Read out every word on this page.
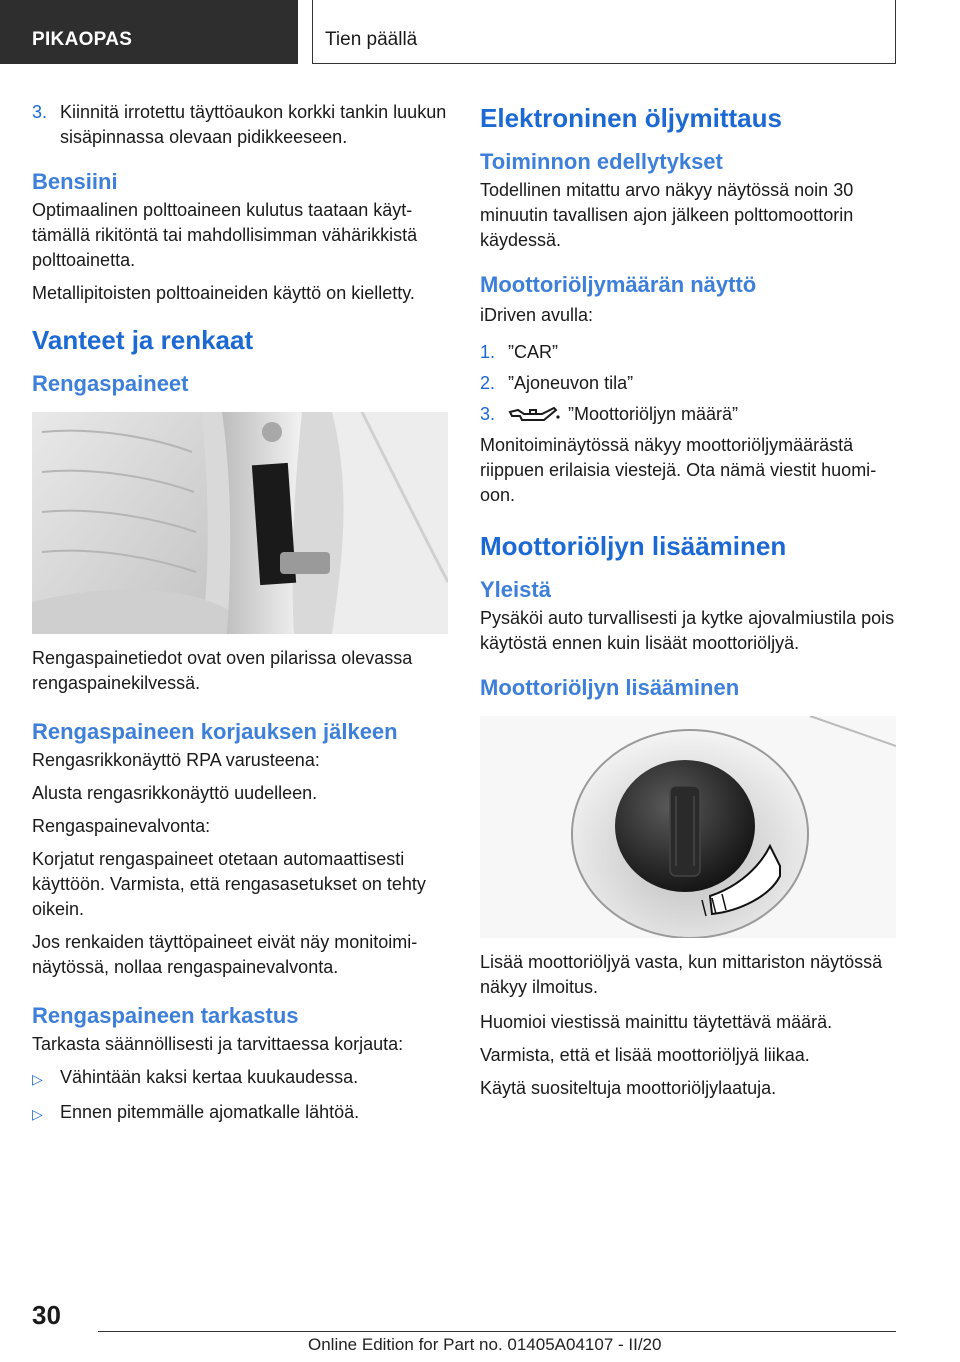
PIKAOPAS	Tien päällä
3. Kiinnitä irrotettu täyttöaukon korkki tankin luukun sisäpinnassa olevaan pidikkeeseen.
Bensiini

Optimaalinen polttoaineen kulutus taataan käyttämällä rikitöntä tai mahdollisimman vähärikkistä polttoainetta.

Metallipitoisten polttoaineiden käyttö on kielletty.

Vanteet ja renkaat
Rengaspaineet

Rengaspainetiedot ovat oven pilarissa olevassa rengaspainekilvessä.

Rengaspaineen korjauksen jälkeen

Rengasrikkonäyttö RPA varusteena:

Alusta rengasrikkonäyttö uudelleen.

Rengaspainevalvonta:

Korjatut rengaspaineet otetaan automaattisesti käyttöön. Varmista, että rengasasetukset on tehty oikein.

Jos renkaiden täyttöpaineet eivät näy monitoiminäytössä, nollaa rengaspainevalvonta.

Rengaspaineen tarkastus

Tarkasta säännöllisesti ja tarvittaessa korjauta:

▷ Vähintään kaksi kertaa kuukaudessa.
▷ Ennen pitemmälle ajomatkalle lähtöä.
Elektroninen öljymittaus
Toiminnon edellytykset

Todellinen mitattu arvo näkyy näytössä noin 30 minuutin tavallisen ajon jälkeen polttomoottorin käydessä.

Moottoriöljymäärän näyttö

iDriven avulla:

1. ”CAR”
2. ”Ajoneuvon tila”
3.	”Moottoriöljyn määrä”

Monitoiminäytössä näkyy moottoriöljymäärästä riippuen erilaisia viestejä. Ota nämä viestit huomioon.

Moottoriöljyn lisääminen
Yleistä

Pysäköi auto turvallisesti ja kytke ajovalmiustila pois käytöstä ennen kuin lisäät moottoriöljyä.

Moottoriöljyn lisääminen

Lisää moottoriöljyä vasta, kun mittariston näytössä näkyy ilmoitus.

Huomioi viestissä mainittu täytettävä määrä.

Varmista, että et lisää moottoriöljyä liikaa.

Käytä suositeltuja moottoriöljylaatuja.

30
Online Edition for Part no. 01405A04107 - II/20
